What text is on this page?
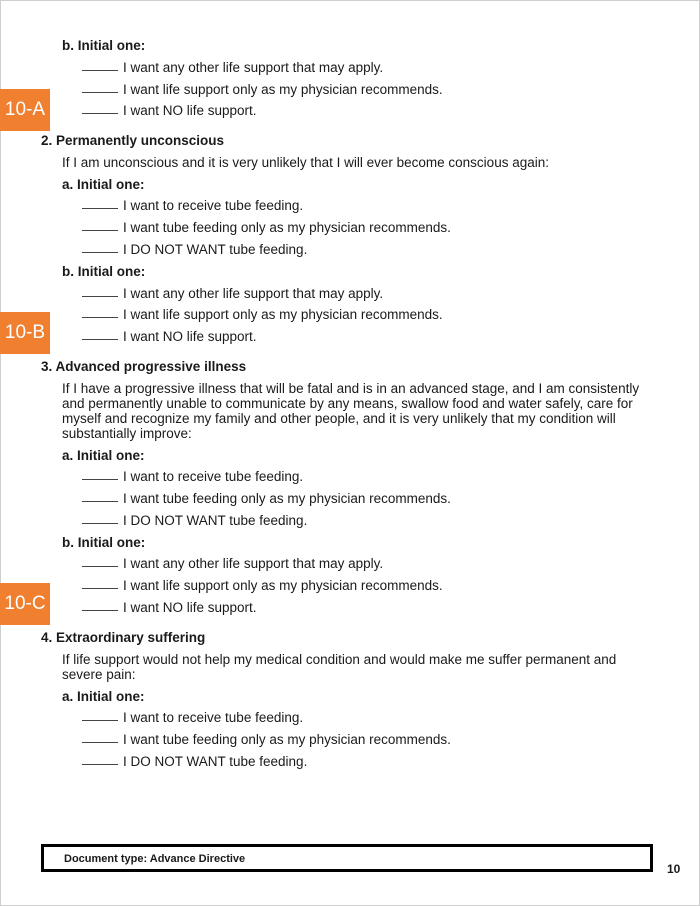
10-A
10-B
10-C
b. Initial one:
I want any other life support that may apply.
I want life support only as my physician recommends.
I want NO life support.
2. Permanently unconscious
If I am unconscious and it is very unlikely that I will ever become conscious again:
a. Initial one:
I want to receive tube feeding.
I want tube feeding only as my physician recommends.
I DO NOT WANT tube feeding.
b. Initial one:
I want any other life support that may apply.
I want life support only as my physician recommends.
I want NO life support.
3. Advanced progressive illness
If I have a progressive illness that will be fatal and is in an advanced stage, and I am consistently and permanently unable to communicate by any means, swallow food and water safely, care for myself and recognize my family and other people, and it is very unlikely that my condition will substantially improve:
a. Initial one:
I want to receive tube feeding.
I want tube feeding only as my physician recommends.
I DO NOT WANT tube feeding.
b. Initial one:
I want any other life support that may apply.
I want life support only as my physician recommends.
I want NO life support.
4. Extraordinary suffering
If life support would not help my medical condition and would make me suffer permanent and severe pain:
a. Initial one:
I want to receive tube feeding.
I want tube feeding only as my physician recommends.
I DO NOT WANT tube feeding.
Document type: Advance Directive
10
